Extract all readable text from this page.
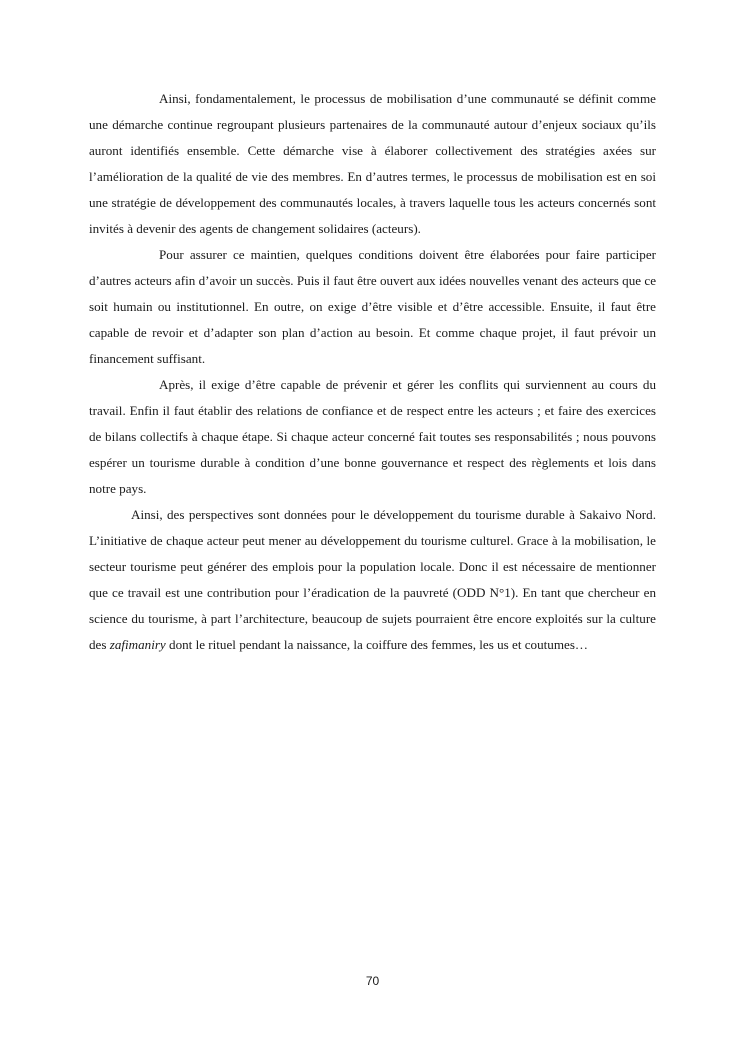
Ainsi, fondamentalement, le processus de mobilisation d’une communauté se définit comme une démarche continue regroupant plusieurs partenaires de la communauté autour d’enjeux sociaux qu’ils auront identifiés ensemble. Cette démarche vise à élaborer collectivement des stratégies axées sur l’amélioration de la qualité de vie des membres. En d’autres termes, le processus de mobilisation est en soi une stratégie de développement des communautés locales, à travers laquelle tous les acteurs concernés sont invités à devenir des agents de changement solidaires (acteurs).

Pour assurer ce maintien, quelques conditions doivent être élaborées pour faire participer d’autres acteurs afin d’avoir un succès. Puis il faut être ouvert aux idées nouvelles venant des acteurs que ce soit humain ou institutionnel. En outre, on exige d’être visible et d’être accessible. Ensuite, il faut être capable de revoir et d’adapter son plan d’action au besoin. Et comme chaque projet, il faut prévoir un financement suffisant.

Après, il exige d’être capable de prévenir et gérer les conflits qui surviennent au cours du travail. Enfin il faut établir des relations de confiance et de respect entre les acteurs ; et faire des exercices de bilans collectifs à chaque étape. Si chaque acteur concerné fait toutes ses responsabilités ; nous pouvons espérer un tourisme durable à condition d’une bonne gouvernance et respect des règlements et lois dans notre pays.

Ainsi, des perspectives sont données pour le développement du tourisme durable à Sakaivo Nord. L’initiative de chaque acteur peut mener au développement du tourisme culturel. Grace à la mobilisation, le secteur tourisme peut générer des emplois pour la population locale. Donc il est nécessaire de mentionner que ce travail est une contribution pour l’éradication de la pauvreté (ODD N°1). En tant que chercheur en science du tourisme, à part l’architecture, beaucoup de sujets pourraient être encore exploités sur la culture des zafimaniry dont le rituel pendant la naissance, la coiffure des femmes, les us et coutumes…

70
